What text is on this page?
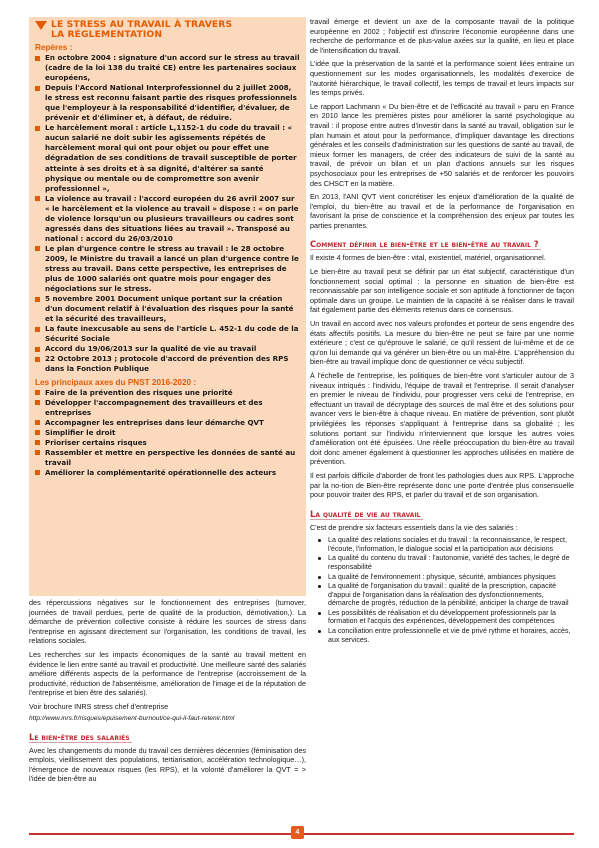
LE STRESS AU TRAVAIL À TRAVERS
LA RÉGLEMENTATION
Repères :
En octobre 2004 : signature d'un accord sur le stress au travail (cadre de la loi 138 du traité CE) entre les partenaires sociaux européens,
Depuis l'Accord National Interprofessionnel du 2 juillet 2008, le stress est reconnu faisant partie des risques professionnels que l'employeur à la responsabilité d'identifier, d'évaluer, de prévenir et d'éliminer et, à défaut, de réduire.
Le harcèlement moral : article L,1152-1 du code du travail : « aucun salarié ne doit subir les agissements répétés de harcèlement moral qui ont pour objet ou pour effet une dégradation de ses conditions de travail susceptible de porter atteinte à ses droits et à sa dignité, d'altérer sa santé physique ou mentale ou de compromettre son avenir professionnel »,
La violence au travail : l'accord européen du 26 avril 2007 sur « le harcèlement et la violence au travail » dispose : « on parle de violence lorsqu'un ou plusieurs travailleurs ou cadres sont agressés dans des situations liées au travail ». Transposé au national : accord du 26/03/2010
Le plan d'urgence contre le stress au travail : le 28 octobre 2009, le Ministre du travail a lancé un plan d'urgence contre le stress au travail. Dans cette perspective, les entreprises de plus de 1000 salariés ont quatre mois pour engager des négociations sur le stress.
5 novembre 2001 Document unique portant sur la création d'un document relatif à l'évaluation des risques pour la santé et la sécurité des travailleurs,
La faute inexcusable au sens de l'article L. 452-1 du code de la Sécurité Sociale
Accord du 19/06/2013 sur la qualité de vie au travail
22 Octobre 2013 ; protocole d'accord de prévention des RPS dans la Fonction Publique
Les principaux axes du PNST 2016-2020 :
Faire de la prévention des risques une priorité
Développer l'accompagnement des travailleurs et des entreprises
Accompagner les entreprises dans leur démarche QVT
Simplifier le droit
Prioriser certains risques
Rassembler et mettre en perspective les données de santé au travail
Améliorer la complémentarité opérationnelle des acteurs

des répercussions négatives sur le fonctionnement des entreprises (turnover, journées de travail perdues, perte de qualité de la production, démotivation,). La démarche de prévention collective consiste à réduire les sources de stress dans l'entreprise en agissant directement sur l'organisation, les conditions de travail, les relations sociales.

Les recherches sur les impacts économiques de la santé au travail mettent en évidence le lien entre santé au travail et productivité. Une meilleure santé des salariés améliore différents aspects de la performance de l'entreprise (accroissement de la productivité, réduction de l'absentéisme, amélioration de l'image et de la réputation de l'entreprise et bien être des salariés).

Voir brochure INRS stress chef d'entreprise

http://www.inrs.fr/risques/epuisement-burnout/ce-qui-il-faut-retenir.html
Le bien-être des salariés

Avec les changements du monde du travail ces dernières décennies (féminisation des emplois, vieillissement des populations, tertiarisation, accélération technologique…), l'émergence de nouveaux risques (les RPS), et la volonté d'améliorer la QVT = > l'idée de bien-être au

travail émerge et devient un axe de la composante travail de la politique européenne en 2002 ; l'objectif est d'inscrire l'économie européenne dans une recherche de performance et de plus-value axées sur la qualité, en lieu et place de l'intensification du travail.

L'idée que la préservation de la santé et la performance soient liées entraine un questionnement sur les modes organisationnels, les modalités d'exercice de l'autorité hiérarchique, le travail collectif, les temps de travail et leurs impacts sur les temps privés.

Le rapport Lachmann « Du bien-être et de l'efficacité au travail » paru en France en 2010 lance les premières pistes pour améliorer la santé psychologique au travail : il propose entre autres d'investir dans la santé au travail, obligation sur le plan humain et atout pour la performance, d'impliquer davantage les directions générales et les conseils d'administration sur les questions de santé au travail, de mieux former les managers, de créer des indicateurs de suivi de la santé au travail, de prévoir un bilan et un plan d'actions annuels sur les risques psychosociaux pour les entreprises de +50 salariés et de renforcer les pouvoirs des CHSCT en la matière.

En 2013, l'ANI QVT vient concrétiser les enjeux d'amélioration de la qualité de l'emploi, du bien-être au travail et de la performance de l'organisation en favorisant la prise de conscience et la compréhension des enjeux par toutes les parties prenantes.

Comment définir le bien-être et le bien-être au travail ?

Il existe 4 formes de bien-être : vital, existentiel, matériel, organisationnel.

Le bien-être au travail peut se définir par un état subjectif, caractéristique d'un fonctionnement social optimal : la personne en situation de bien-être est reconnaissable par son intelligence sociale et son aptitude à fonctionner de façon optimale dans un groupe. Le maintien de la capacité à se réaliser dans le travail fait également partie des éléments retenus dans ce consensus.

Un travail en accord avec nos valeurs profondes et porteur de sens engendre des états affectifs positifs. La mesure du bien-être ne peut se faire par une norme extérieure ; c'est ce qu'éprouve le salarié, ce qu'il ressent de lui-même et de ce qu'on lui demande qui va générer un bien-être ou un mal-être. L'appréhension du bien-être au travail implique donc de questionner ce vécu subjectif.

À l'échelle de l'entreprise, les politiques de bien-être vont s'articuler autour de 3 niveaux intriqués : l'individu, l'équipe de travail et l'entreprise. Il serait d'analyser en premier le niveau de l'individu, pour progresser vers celui de l'entreprise, en effectuant un travail de décryptage des sources de mal être et des solutions pour avancer vers le bien-être à chaque niveau. En matière de prévention, sont plutôt privilégiées les réponses s'appliquant à l'entreprise dans sa globalité ; les solutions portant sur l'individu n'interviennent que lorsque les autres voies d'amélioration ont été épuisées. Une réelle préoccupation du bien-être au travail doit donc amener également à questionner les approches utilisées en matière de prévention.

Il est parfois difficile d'aborder de front les pathologies dues aux RPS. L'approche par la no-tion de Bien-être représente donc une porte d'entrée plus consensuelle pour pouvoir traiter des RPS, et parler du travail et de son organisation.

La qualité de vie au travail

C'est de prendre six facteurs essentiels dans la vie des salariés :

La qualité des relations sociales et du travail : la reconnaissance, le respect, l'écoute, l'information, le dialogue social et la participation aux décisions
La qualité du contenu du travail : l'autonomie, variété des taches, le degré de responsabilité
La qualité de l'environnement : physique, sécurité, ambiances physiques
La qualité de l'organisation du travail : qualité de la prescription, capacité d'appui de l'organisation dans la réalisation des dysfonctionnements, démarche de progrès, réduction de la pénibilité, anticiper la charge de travail
Les possibilités de réalisation et du développement professionnels par la formation et l'acquis des expériences, développement des compétences
La conciliation entre professionnelle et vie de privé rythme et horaires, accès, aux services.
4
